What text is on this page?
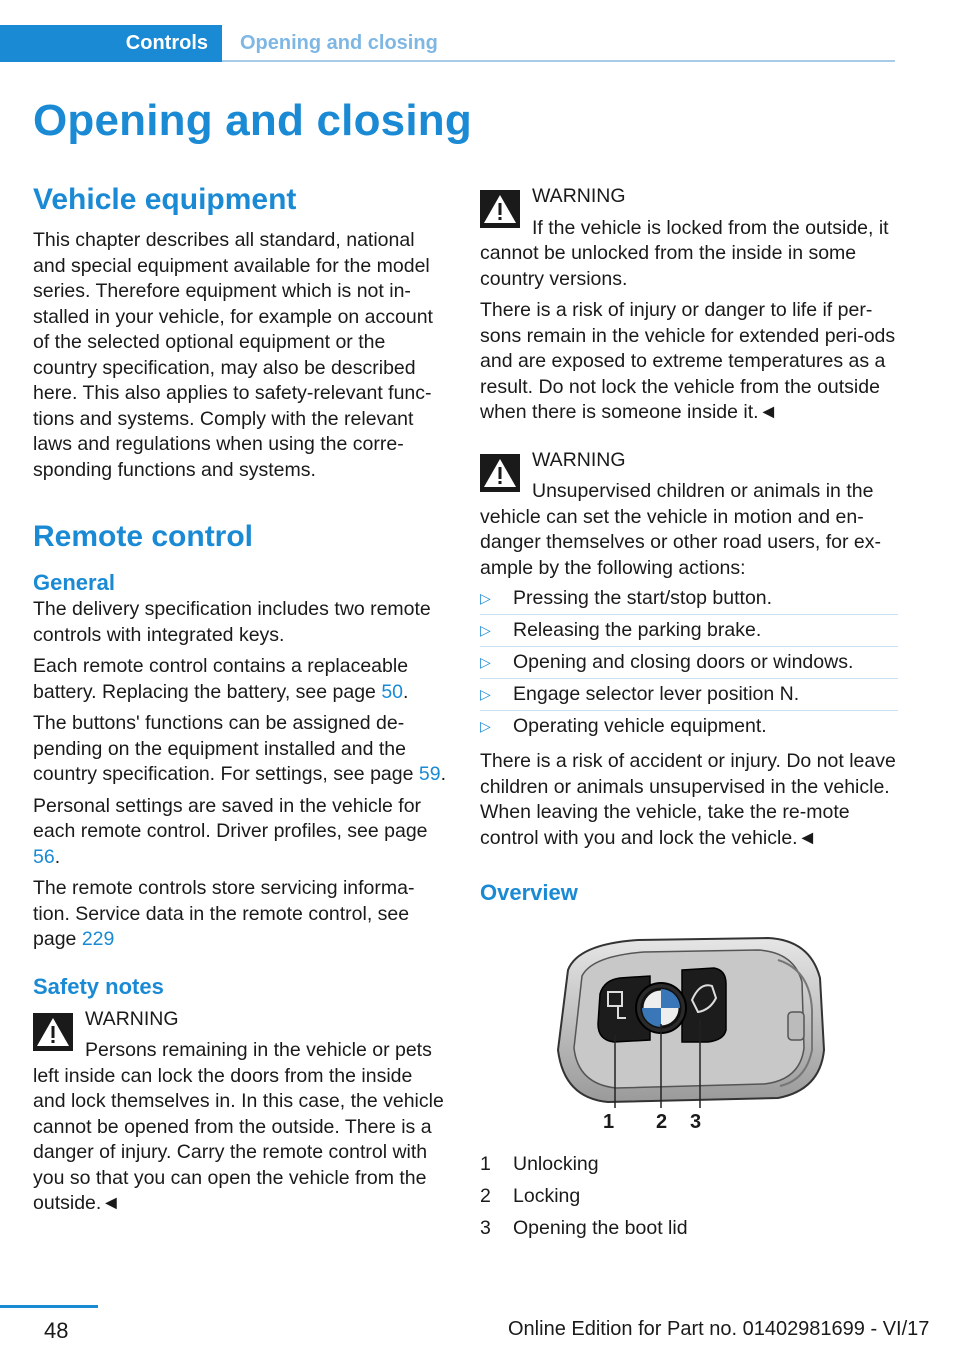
Controls	Opening and closing
Opening and closing
Vehicle equipment

This chapter describes all standard, national and special equipment available for the model series. Therefore equipment which is not in-stalled in your vehicle, for example on account of the selected optional equipment or the country specification, may also be described here. This also applies to safety-relevant func-tions and systems. Comply with the relevant laws and regulations when using the corre-sponding functions and systems.

Remote control
General

The delivery specification includes two remote controls with integrated keys.

Each remote control contains a replaceable battery. Replacing the battery, see page 50.

The buttons' functions can be assigned de-pending on the equipment installed and the country specification. For settings, see page 59.

Personal settings are saved in the vehicle for each remote control. Driver profiles, see page 56.

The remote controls store servicing informa-tion. Service data in the remote control, see page 229

Safety notes
WARNING
Persons remaining in the vehicle or pets

left inside can lock the doors from the inside and lock themselves in. In this case, the vehicle cannot be opened from the outside. There is a danger of injury. Carry the remote control with you so that you can open the vehicle from the outside.◄

WARNING
If the vehicle is locked from the outside, it

cannot be unlocked from the inside in some country versions.

There is a risk of injury or danger to life if per-sons remain in the vehicle for extended peri-ods and are exposed to extreme temperatures as a result. Do not lock the vehicle from the outside when there is someone inside it.◄

WARNING
Unsupervised children or animals in the

vehicle can set the vehicle in motion and en-danger themselves or other road users, for ex-ample by the following actions:

▷	Pressing the start/stop button.
▷	Releasing the parking brake.
▷	Opening and closing doors or windows.
▷	Engage selector lever position N.
▷	Operating vehicle equipment.

There is a risk of accident or injury. Do not leave children or animals unsupervised in the vehicle. When leaving the vehicle, take the re-mote control with you and lock the vehicle.◄

Overview
1 2 3
1	Unlocking
2	Locking
3	Opening the boot lid
48	Online Edition for Part no. 01402981699 - VI/17
